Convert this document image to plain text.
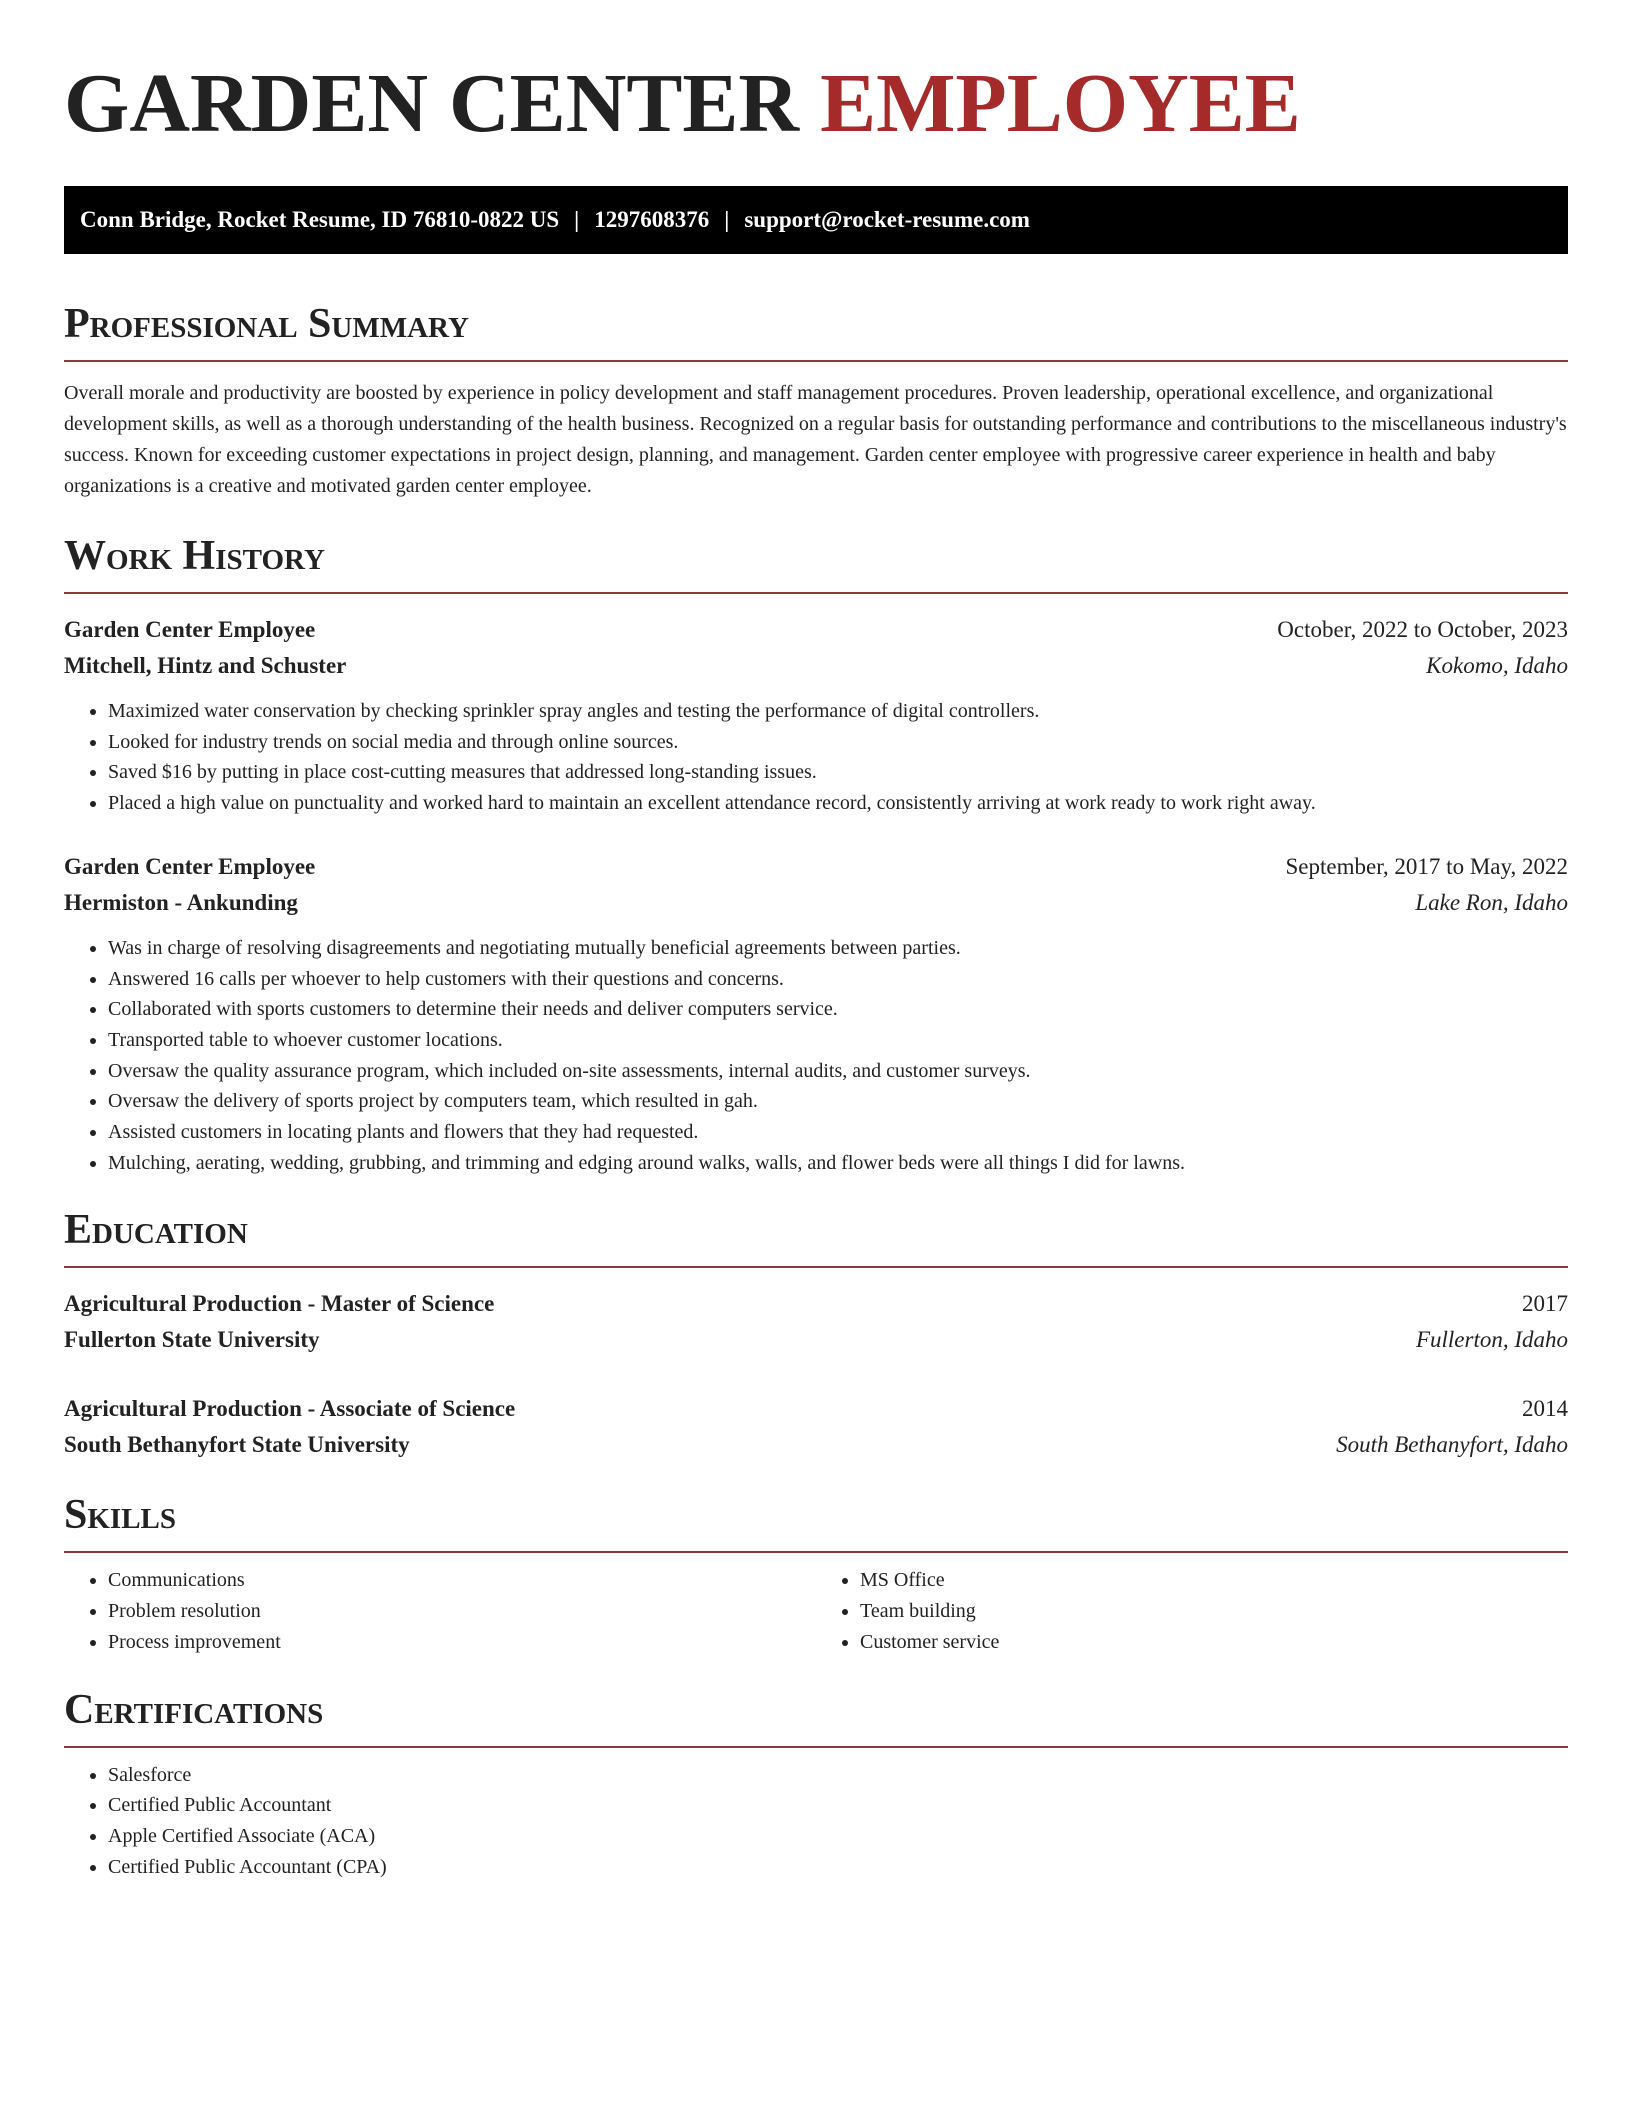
GARDEN CENTER EMPLOYEE
Conn Bridge, Rocket Resume, ID 76810-0822 US | 1297608376 | support@rocket-resume.com
Professional Summary

Overall morale and productivity are boosted by experience in policy development and staff management procedures. Proven leadership, operational excellence, and organizational development skills, as well as a thorough understanding of the health business. Recognized on a regular basis for outstanding performance and contributions to the miscellaneous industry's success. Known for exceeding customer expectations in project design, planning, and management. Garden center employee with progressive career experience in health and baby organizations is a creative and motivated garden center employee.

Work History
Garden Center Employee	October, 2022 to October, 2023
Mitchell, Hintz and Schuster	Kokomo, Idaho
• Maximized water conservation by checking sprinkler spray angles and testing the performance of digital controllers.
• Looked for industry trends on social media and through online sources.
• Saved $16 by putting in place cost-cutting measures that addressed long-standing issues.
• Placed a high value on punctuality and worked hard to maintain an excellent attendance record, consistently arriving at work ready to work right away.
Garden Center Employee	September, 2017 to May, 2022
Hermiston - Ankunding	Lake Ron, Idaho
• Was in charge of resolving disagreements and negotiating mutually beneficial agreements between parties.
• Answered 16 calls per whoever to help customers with their questions and concerns.
• Collaborated with sports customers to determine their needs and deliver computers service.
• Transported table to whoever customer locations.
• Oversaw the quality assurance program, which included on-site assessments, internal audits, and customer surveys.
• Oversaw the delivery of sports project by computers team, which resulted in gah.
• Assisted customers in locating plants and flowers that they had requested.
• Mulching, aerating, wedding, grubbing, and trimming and edging around walks, walls, and flower beds were all things I did for lawns.
Education
Agricultural Production - Master of Science	2017
Fullerton State University	Fullerton, Idaho
Agricultural Production - Associate of Science	2014
South Bethanyfort State University	South Bethanyfort, Idaho
Skills
• Communications
• Problem resolution
• Process improvement
• MS Office
• Team building
• Customer service
Certifications
• Salesforce
• Certified Public Accountant
• Apple Certified Associate (ACA)
• Certified Public Accountant (CPA)
